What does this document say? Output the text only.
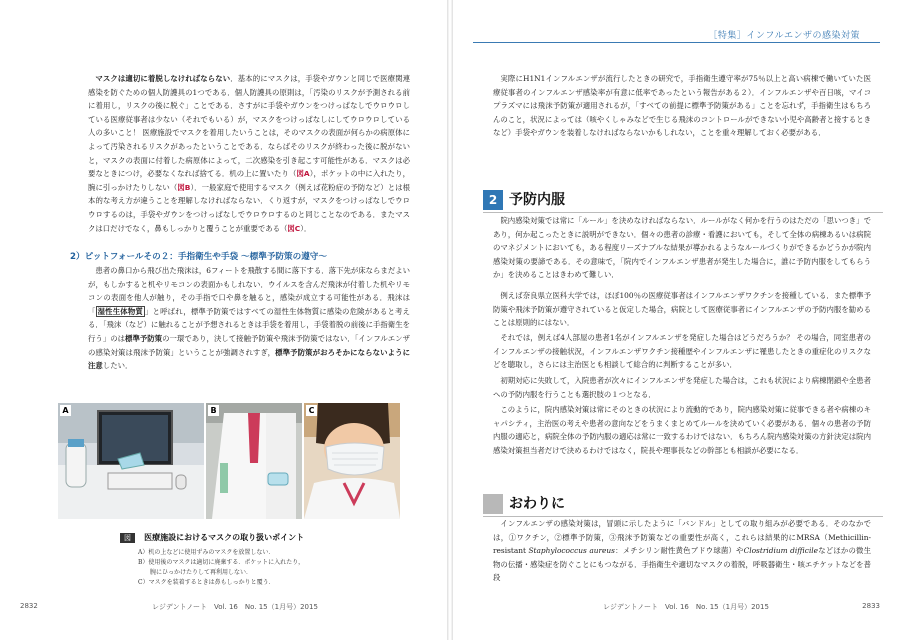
マスクは適切に着脱しなければならない．基本的にマスクは，手袋やガウンと同じで医療関連感染を防ぐための個人防護具の1つである．個人防護具の原則は，「汚染のリスクが予測される前に着用し，リスクの後に脱ぐ」ことである．さすがに手袋やガウンをつけっぱなしでウロウロしている医療従事者は少ない（それでもいる）が，マスクをつけっぱなしにしてウロウロしている人の多いこと！ 医療施設でマスクを着用したいうことは，そのマスクの表面が何らかの病原体によって汚染されるリスクがあったということである．ならばそのリスクが終わった後に脱がないと，マスクの表面に付着した病原体によって，二次感染を引き起こす可能性がある．マスクは必要なときにつけ，必要なくなれば捨てる．机の上に置いたり（図A），ポケットの中に入れたり，腕に引っかけたりしない（図B）．一般家庭で使用するマスク（例えば花粉症の予防など）とは根本的な考え方が違うことを理解しなければならない．くり返すが，マスクをつけっぱなしでウロウロするのは，手袋やガウンをつけっぱなしでウロウロするのと同じことなのである．またマスクは口だけでなく，鼻もしっかりと覆うことが重要である（図C）．

2）ピットフォールその２：手指衛生や手袋 ～標準予防策の遵守～

患者の鼻口から飛び出た飛沫は，6フィートを飛散する間に落下する．落下先が床ならまだよいが，もしかすると机やリモコンの表面かもしれない．ウイルスを含んだ飛沫が付着した机やリモコンの表面を他人が触り，その手指で口や鼻を触ると，感染が成立する可能性がある．飛沫は「 湿性生体物質 」と呼ばれ，標準予防策ではすべての湿性生体物質に感染の危険があると考える．「飛沫（など）に触れることが予想されるときは手袋を着用し，手袋着脱の前後に手指衛生を行う」のは標準予防策の一環であり，決して接触予防策や飛沫予防策ではない．「インフルエンザの感染対策は飛沫予防策」ということが強調されすぎ，標準予防策がおろそかにならないように注意したい．

A	B	C
図 医療施設におけるマスクの取り扱いポイント
A）机の上などに使用ずみのマスクを放置しない．
B）使用後のマスクは適切に廃棄する．ポケットに入れたり，
　　腕にひっかけたりして再利用しない．
C）マスクを装着するときは鼻もしっかりと覆う．
2832	レジデントノート　Vol. 16　No. 15（1月号）2015
［特集］インフルエンザの感染対策

実際にH1N1インフルエンザが流行したときの研究で，手指衛生遵守率が75％以上と高い病棟で働いていた医療従事者のインフルエンザ感染率が有意に低率であったという報告がある２）．インフルエンザや百日咳，マイコプラズマには飛沫予防策が適用されるが，「すべての前提に標準予防策がある」ことを忘れず，手指衛生はもちろんのこと，状況によっては（咳やくしゃみなどで生じる飛沫のコントロールができない小児や高齢者と接するときなど）手袋やガウンを装着しなければならないかもしれない，ことを重々理解しておく必要がある．

2 予防内服

院内感染対策では常に「ルール」を決めなければならない．ルールがなく何かを行うのはただの「思いつき」であり，何か起こったときに説明ができない．個々の患者の診療・看護においても，そして全体の病棟あるいは病院のマネジメントにおいても，ある程度リーズナブルな結果が導かれるようなルールづくりができるかどうかが院内感染対策の要諦である．その意味で，「院内でインフルエンザ患者が発生した場合に，誰に予防内服をしてもらうか」を決めることはきわめて難しい．

例えば奈良県立医科大学では，ほぼ100％の医療従事者はインフルエンザワクチンを接種している．また標準予防策や飛沫予防策が遵守されていると仮定した場合，病院として医療従事者にインフルエンザの予防内服を勧めることは原則的にはない．

それでは，例えば4人部屋の患者1名がインフルエンザを発症した場合はどうだろうか？ その場合，同室患者のインフルエンザの接触状況，インフルエンザワクチン接種歴やインフルエンザに罹患したときの重症化のリスクなどを聴取し，さらには主治医とも相談して総合的に判断することが多い．

初期対応に失敗して，入院患者が次々にインフルエンザを発症した場合は，これも状況により病棟閉鎖や全患者への予防内服を行うことも選択肢の１つとなる．

このように，院内感染対策は常にそのときの状況により流動的であり，院内感染対策に従事できる者や病棟のキャパシティ，主治医の考えや患者の意向などをうまくまとめてルールを決めていく必要がある．個々の患者の予防内服の適応と，病院全体の予防内服の適応は常に一致するわけではない．もちろん院内感染対策の方針決定は院内感染対策担当者だけで決めるわけではなく，院長や理事長などの幹部とも相談が必要になる．

おわりに

インフルエンザの感染対策は，冒頭に示したように「バンドル」としての取り組みが必要である．そのなかでは，①ワクチン，②標準予防策，③飛沫予防策などの重要性が高く，これらは結果的にMRSA（Methicillin-resistant Staphylococcus aureus：メチシリン耐性黄色ブドウ球菌）やClostridium difficileなどほかの微生物の伝播・感染症を防ぐことにもつながる．手指衛生や適切なマスクの着脱，呼吸器衛生・咳エチケットなどを普段

レジデントノート　Vol. 16　No. 15（1月号）2015	2833
